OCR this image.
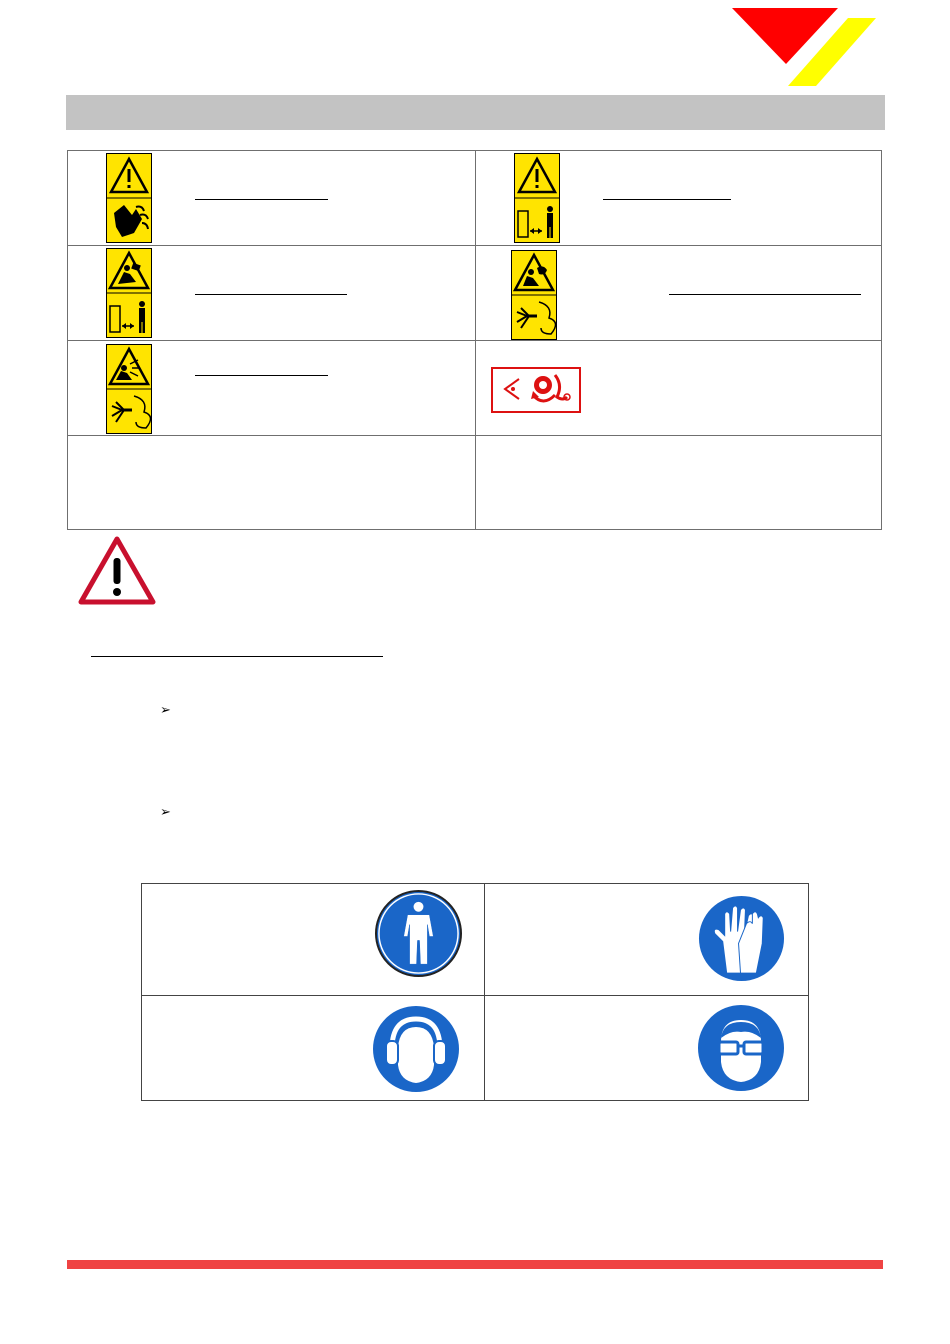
➢
➢
